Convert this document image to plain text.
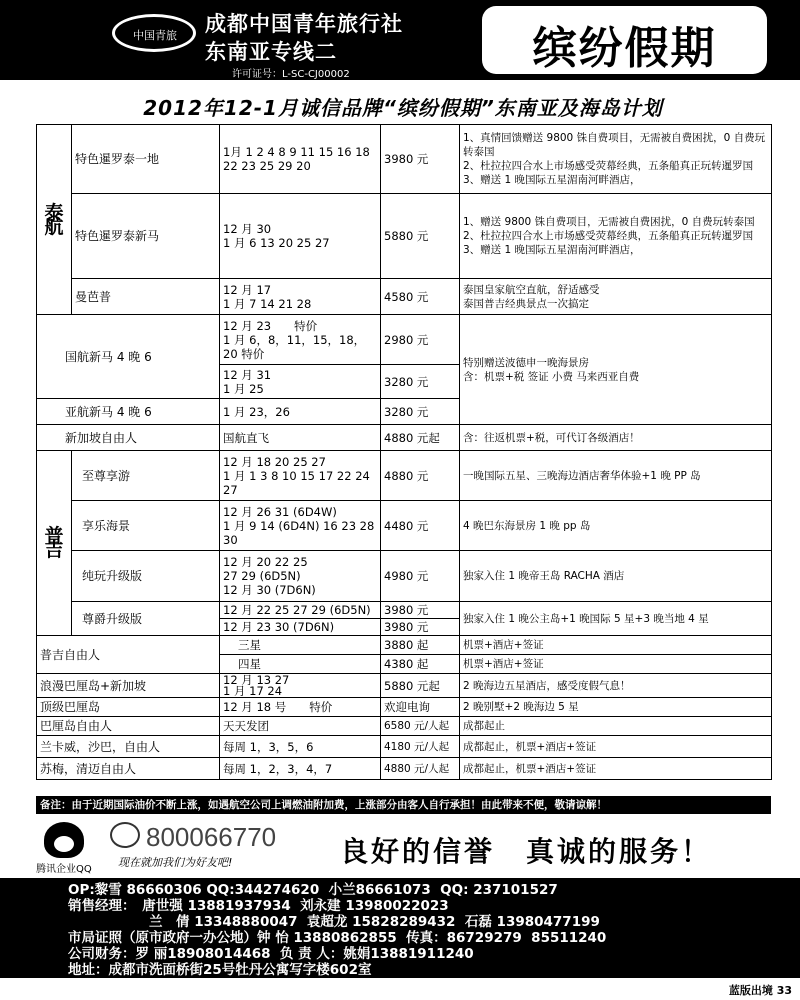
中国青旅 成都中国青年旅行社
东南亚专线二
许可证号：L-SC-CJ00002
缤纷假期
2012年12-1月诚信品牌“缤纷假期”东南亚及海岛计划
泰航	特色暹罗泰一地	1月 1 2 4 8 9 11 15 16 18 22 23 25 29 20	3980 元	1、真情回馈赠送 9800 铢自费项目，无需被自费困扰，0 自费玩转泰国
2、杜拉拉四合水上市场感受荧幕经典，五条船真正玩转暹罗国
3、赠送 1 晚国际五星湄南河畔酒店，
	特色暹罗泰新马	12 月 30
1 月 6 13 20 25 27	5880 元	1、赠送 9800 铢自费项目，无需被自费困扰，0 自费玩转泰国
2、杜拉拉四合水上市场感受荧幕经典，五条船真正玩转暹罗国
3、赠送 1 晚国际五星湄南河畔酒店，
	曼芭普	12 月 17
1 月 7 14 21 28	4580 元	泰国皇家航空直航，舒适感受
泰国普吉经典景点一次搞定
国航新马 4 晚 6		12 月 23　　特价
1 月 6，8，11，15，18，20 特价	2980 元	特别赠送波德申一晚海景房
含：机票+税 签证 小费 马来西亚自费
		12 月 31
1 月 25	3280 元	
亚航新马 4 晚 6		1 月 23，26	3280 元	
新加坡自由人		国航直飞	4880 元起	含：往返机票+税，可代订各级酒店！
普吉	至尊享游	12 月 18 20 25 27
1 月 1 3 8 10 15 17 22 24 27	4880 元	一晚国际五星、三晚海边酒店奢华体验+1 晚 PP 岛
	享乐海景	12 月 26 31 (6D4W)
1 月 9 14 (6D4N) 16 23 28 30	4480 元	4 晚巴东海景房 1 晚 pp 岛
	纯玩升级版	12 月 20 22 25
27 29 (6D5N)
12 月 30 (7D6N)	4980 元	独家入住 1 晚帝王岛 RACHA 酒店
	尊爵升级版	12 月 22 25 27 29 (6D5N)	3980 元	独家入住 1 晚公主岛+1 晚国际 5 星+3 晚当地 4 星
		12 月 23 30 (7D6N)	3980 元	
普吉自由人		三星	3880 起	机票+酒店+签证
		四星	4380 起	机票+酒店+签证
浪漫巴厘岛+新加坡		12 月 13 27
1 月 17 24	5880 元起	2 晚海边五星酒店，感受度假气息！
顶级巴厘岛		12 月 18 号　　特价	欢迎电询	2 晚别墅+2 晚海边 5 星
巴厘岛自由人		天天发团	6580 元/人起	成都起止
兰卡威，沙巴，自由人		每周 1，3，5，6	4180 元/人起	成都起止，机票+酒店+签证
苏梅，清迈自由人		每周 1，2，3，4，7	4880 元/人起	成都起止，机票+酒店+签证
备注：由于近期国际油价不断上涨，如遇航空公司上调燃油附加费，上涨部分由客人自行承担！由此带来不便，敬请谅解！
腾讯企业QQ
800066770
现在就加我们为好友吧!	良好的信誉　真诚的服务！
OP:黎雪 86660306 QQ:344274620  小兰86661073  QQ: 237101527
销售经理：　唐世强 13881937934  刘永建 13980022023
　　　　　　兰　倩 13348880047  袁超龙 15828289432  石磊 13980477199
市局证照（原市政府一办公地）钟 怡 13880862855  传真：86729279  85511240
公司财务：罗 丽18908014468  负 责 人：姚娟13881911240
地址：成都市洗面桥街25号牡丹公寓写字楼602室
蓝版出境 33
